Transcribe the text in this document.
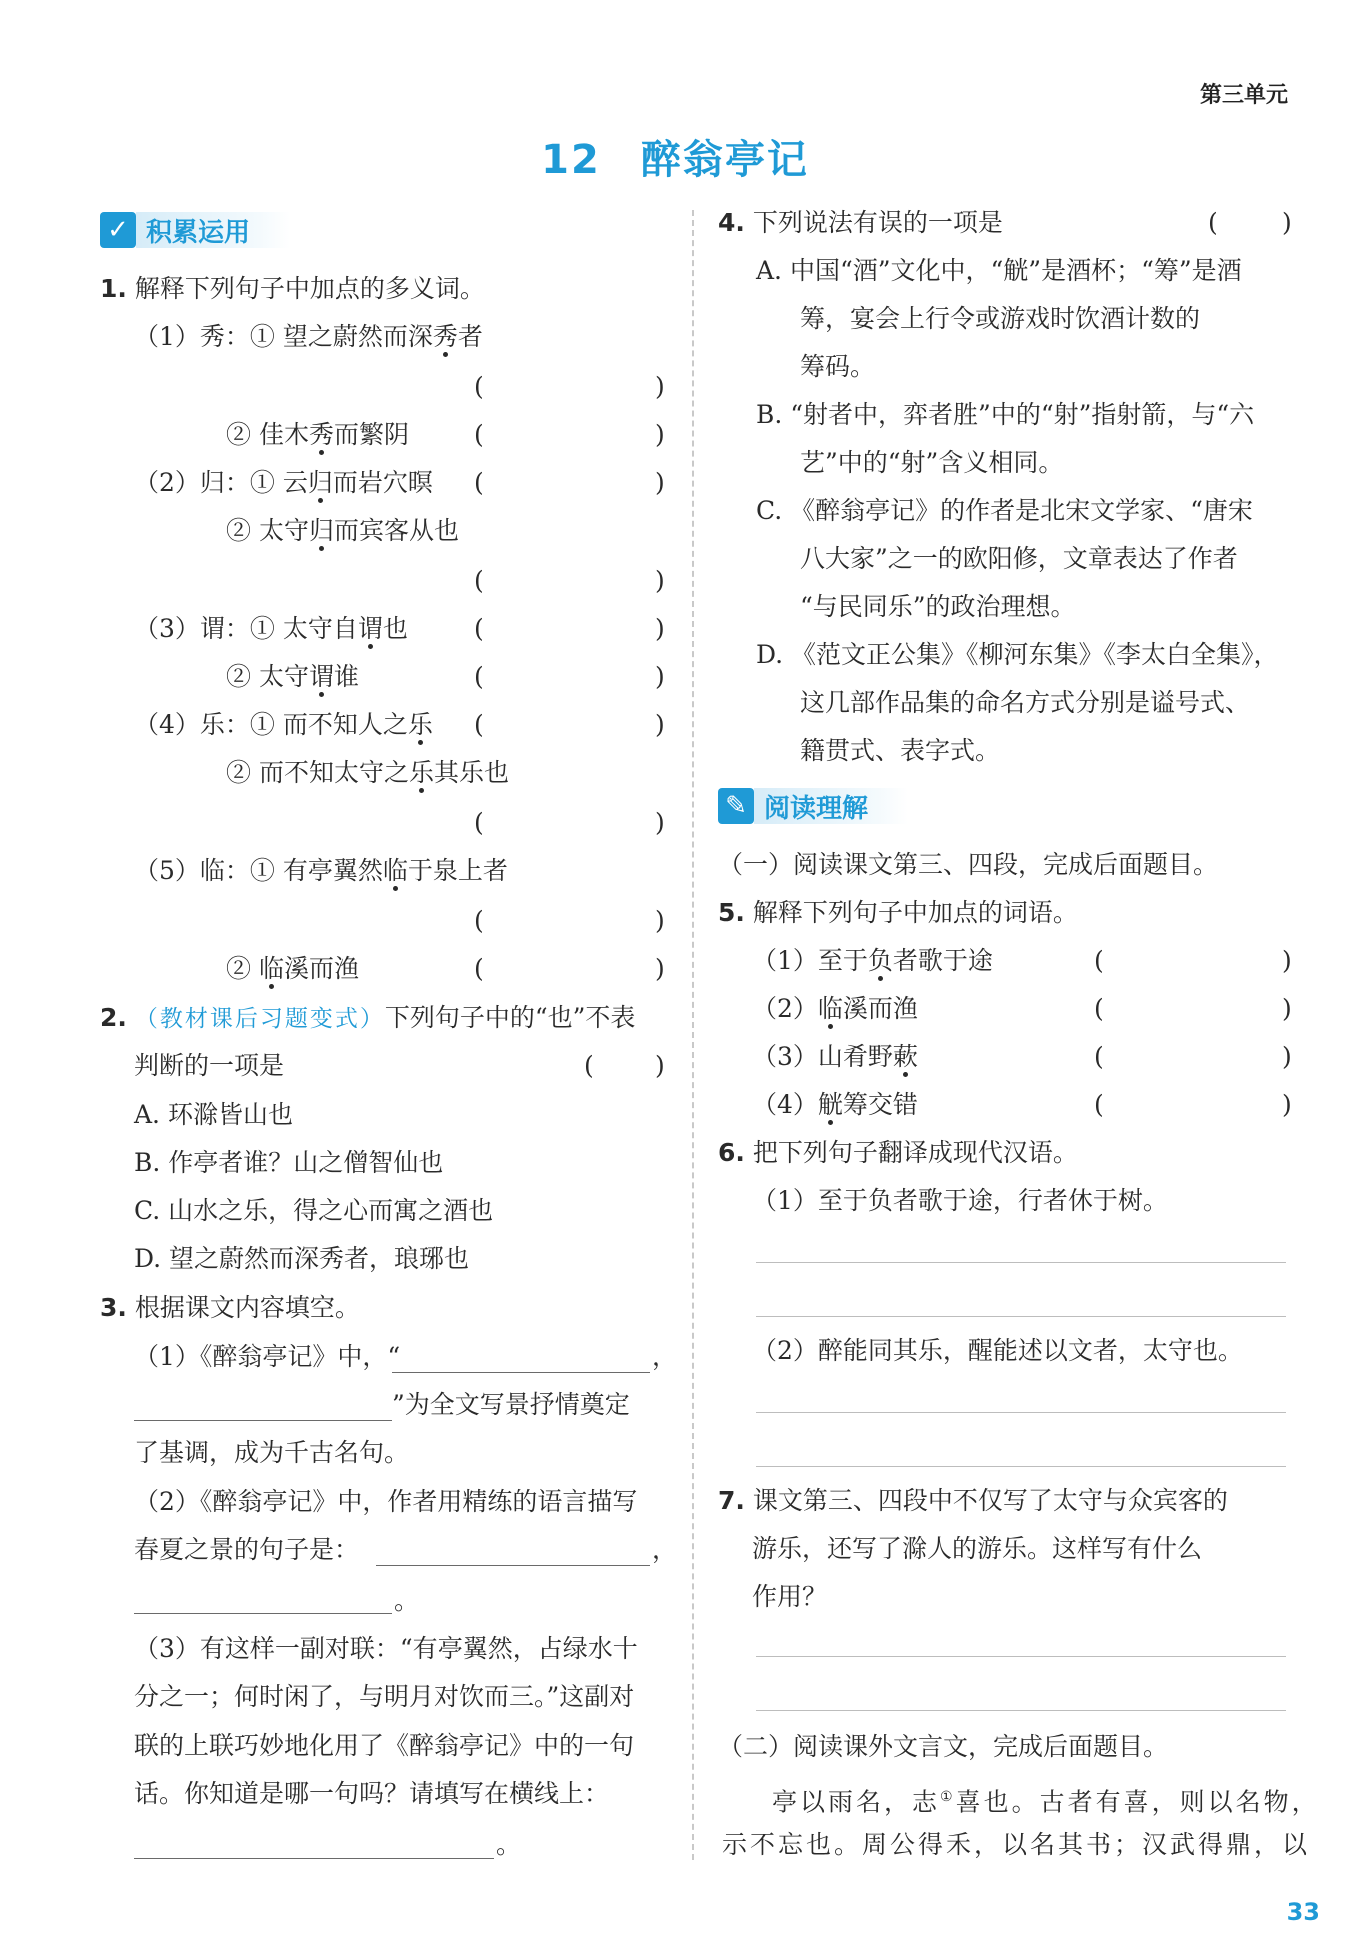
第三单元
12 醉翁亭记
✓ 积累运用
1. 解释下列句子中加点的多义词。
（1）秀：① 望之蔚然而深秀者
(	)
② 佳木秀而繁阴	(	)
（2）归：① 云归而岩穴暝 (	)
② 太守归而宾客从也
(	)
（3）谓：① 太守自谓也	(	)
② 太守谓谁	(	)
（4）乐：① 而不知人之乐 (	)
② 而不知太守之乐其乐也
(	)
（5）临：① 有亭翼然临于泉上者
(	)
② 临溪而渔	(	)
2. （教材课后习题变式）下列句子中的“也”不表
判断的一项是	( )
A. 环滁皆山也
B. 作亭者谁？山之僧智仙也
C. 山水之乐，得之心而寓之酒也
D. 望之蔚然而深秀者，琅琊也
3. 根据课文内容填空。
（1）《醉翁亭记》中，“	，
”为全文写景抒情奠定
了基调，成为千古名句。
（2）《醉翁亭记》中，作者用精练的语言描写
春夏之景的句子是：	，
。
（3）有这样一副对联：“有亭翼然，占绿水十
分之一；何时闲了，与明月对饮而三。”这副对
联的上联巧妙地化用了《醉翁亭记》中的一句
话。你知道是哪一句吗？请填写在横线上：
。
4. 下列说法有误的一项是	(	)
A. 中国“酒”文化中，“觥”是酒杯；“筹”是酒
筹，宴会上行令或游戏时饮酒计数的
筹码。
B. “射者中，弈者胜”中的“射”指射箭，与“六
艺”中的“射”含义相同。
C. 《醉翁亭记》的作者是北宋文学家、“唐宋
八大家”之一的欧阳修，文章表达了作者
“与民同乐”的政治理想。
D. 《范文正公集》《柳河东集》《李太白全集》，
这几部作品集的命名方式分别是谥号式、
籍贯式、表字式。
✎ 阅读理解
（一）阅读课文第三、四段，完成后面题目。
5. 解释下列句子中加点的词语。
（1）至于负者歌于途	(	)
（2）临溪而渔	(	)
（3）山肴野蔌	(	)
（4）觥筹交错	(	)
6. 把下列句子翻译成现代汉语。
（1）至于负者歌于途，行者休于树。
（2）醉能同其乐，醒能述以文者，太守也。
7. 课文第三、四段中不仅写了太守与众宾客的
游乐，还写了滁人的游乐。这样写有什么
作用？
（二）阅读课外文言文，完成后面题目。
亭以雨名，志①喜也。古者有喜，则以名物，
示不忘也。周公得禾，以名其书；汉武得鼎，以
33
